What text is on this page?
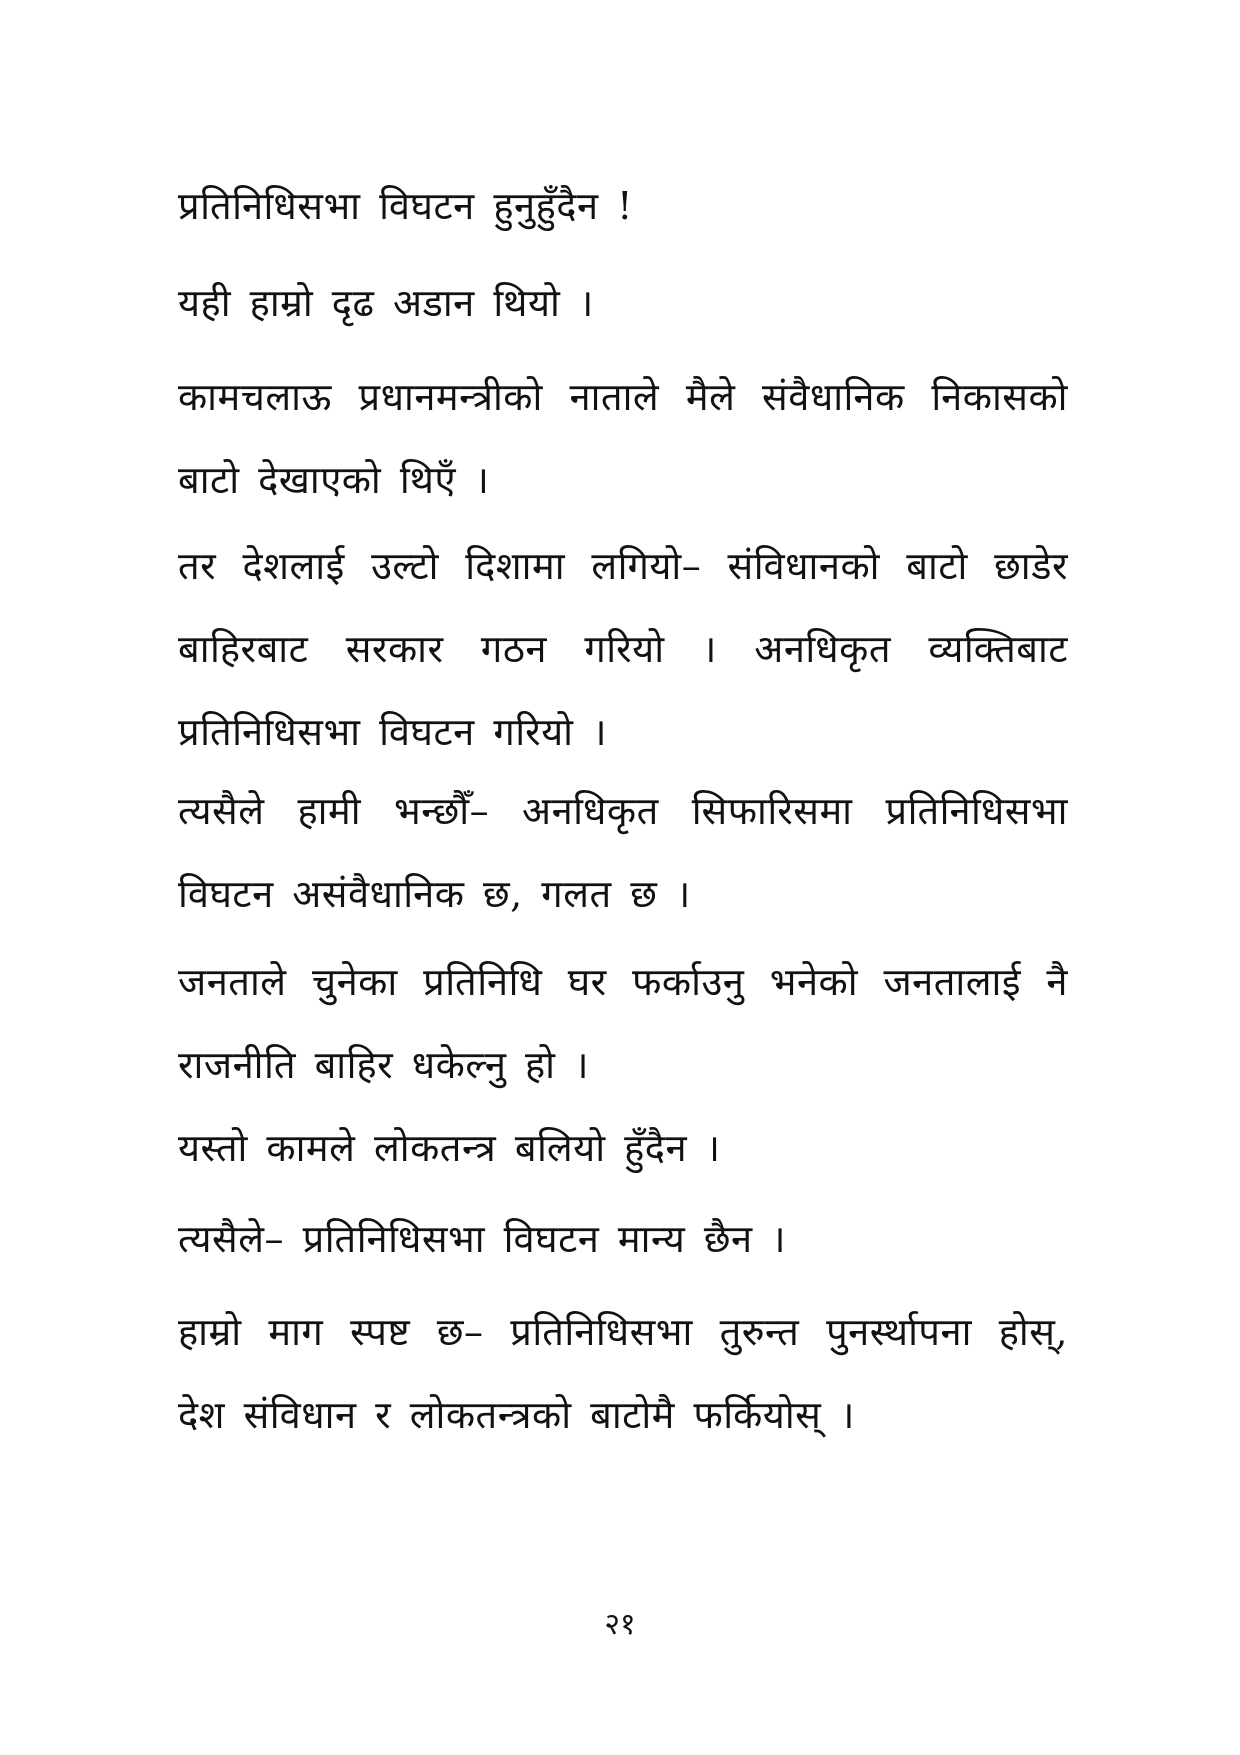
प्रतिनिधिसभा विघटन हुनुहुँदैन !

यही हाम्रो दृढ अडान थियो ।

कामचलाऊ प्रधानमन्त्रीको नाताले मैले संवैधानिक निकासको
बाटो देखाएको थिएँ ।

तर देशलाई उल्टो दिशामा लगियो– संविधानको बाटो छाडेर
बाहिरबाट सरकार गठन गरियो । अनधिकृत व्यक्तिबाट
प्रतिनिधिसभा विघटन गरियो ।

त्यसैले हामी भन्छौँ– अनधिकृत सिफारिसमा प्रतिनिधिसभा
विघटन असंवैधानिक छ, गलत छ ।

जनताले चुनेका प्रतिनिधि घर फर्काउनु भनेको जनतालाई नै
राजनीति बाहिर धकेल्नु हो ।

यस्तो कामले लोकतन्त्र बलियो हुँदैन ।

त्यसैले– प्रतिनिधिसभा विघटन मान्य छैन ।

हाम्रो माग स्पष्ट छ– प्रतिनिधिसभा तुरुन्त पुनर्स्थापना होस्,
देश संविधान र लोकतन्त्रको बाटोमै फर्कियोस् ।

२१
